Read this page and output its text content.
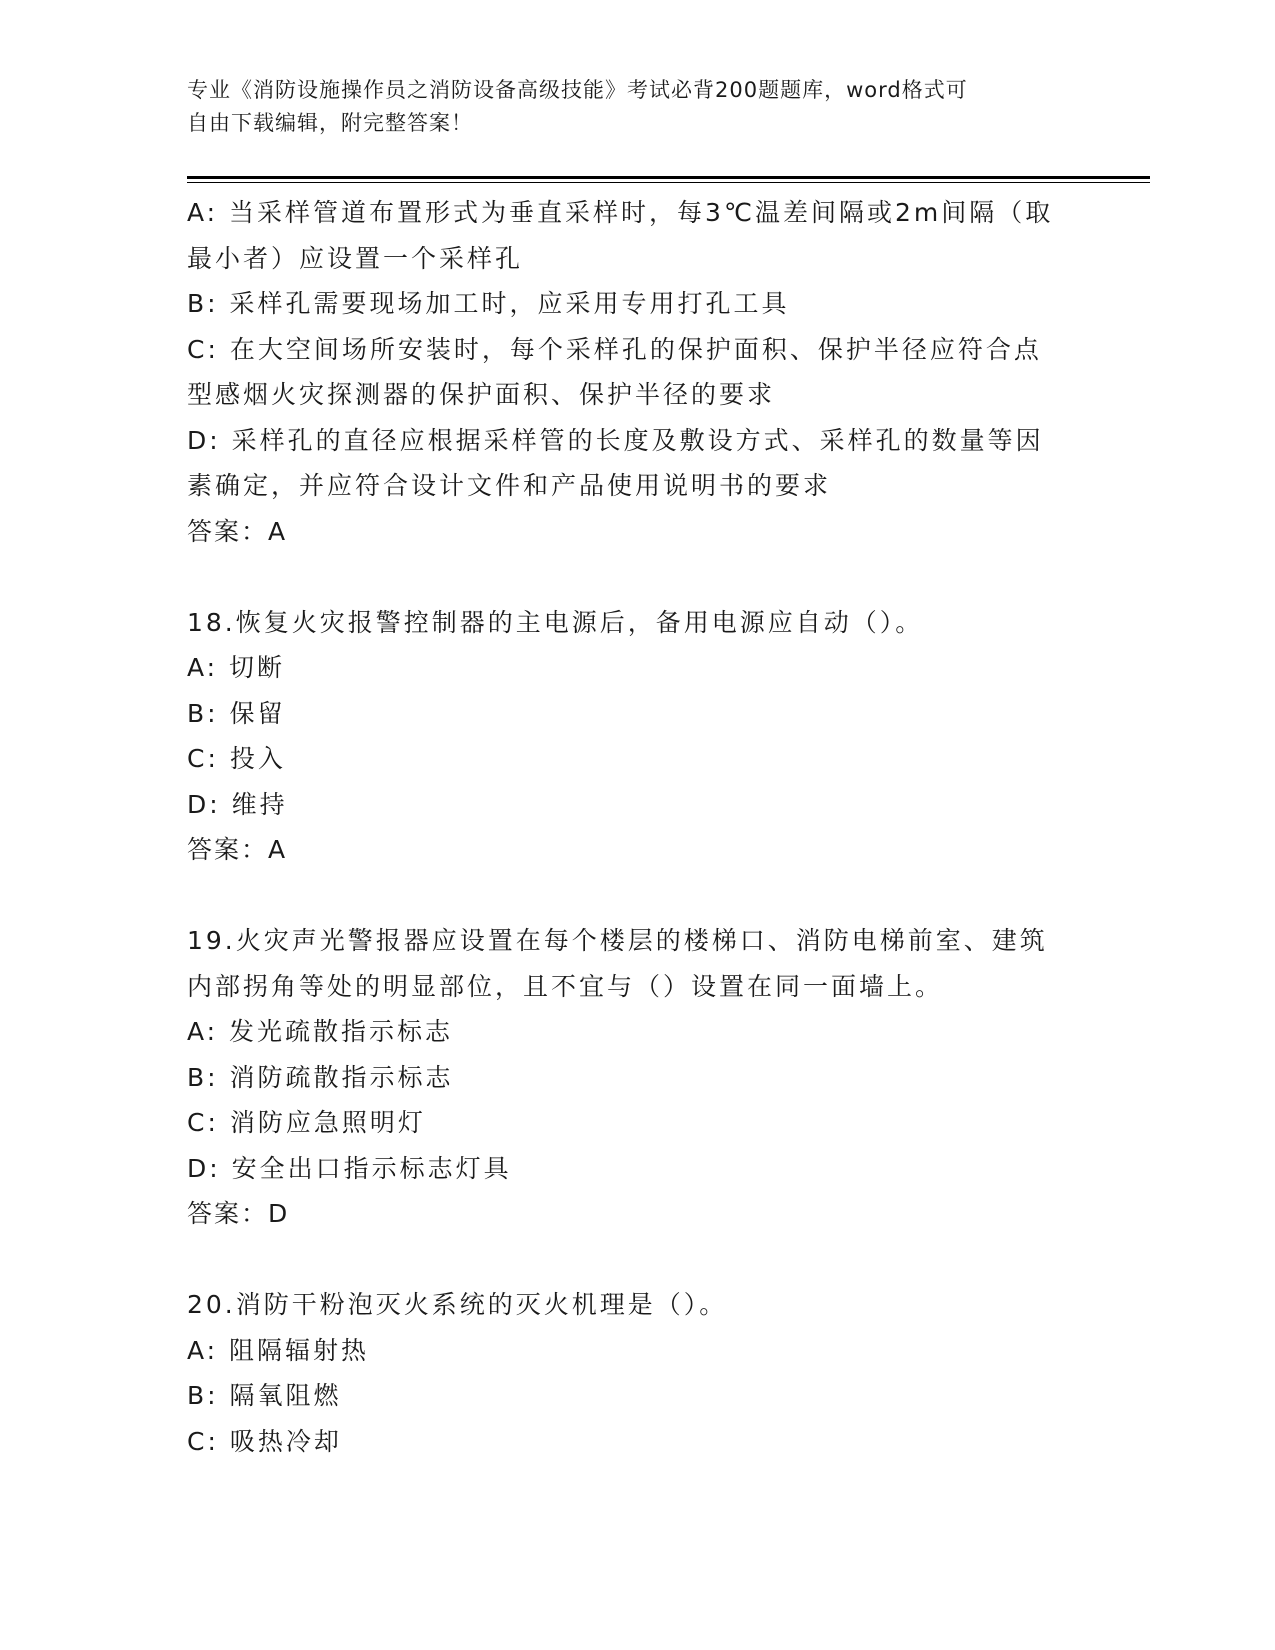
专业《消防设施操作员之消防设备高级技能》考试必背200题题库，word格式可
自由下载编辑，附完整答案！
A: 当采样管道布置形式为垂直采样时，每3℃温差间隔或2m间隔（取
最小者）应设置一个采样孔
B: 采样孔需要现场加工时，应采用专用打孔工具
C: 在大空间场所安装时，每个采样孔的保护面积、保护半径应符合点
型感烟火灾探测器的保护面积、保护半径的要求
D: 采样孔的直径应根据采样管的长度及敷设方式、采样孔的数量等因
素确定，并应符合设计文件和产品使用说明书的要求
答案：A
18.恢复火灾报警控制器的主电源后，备用电源应自动（）。
A: 切断
B: 保留
C: 投入
D: 维持
答案：A
19.火灾声光警报器应设置在每个楼层的楼梯口、消防电梯前室、建筑
内部拐角等处的明显部位，且不宜与（）设置在同一面墙上。
A: 发光疏散指示标志
B: 消防疏散指示标志
C: 消防应急照明灯
D: 安全出口指示标志灯具
答案：D
20.消防干粉泡灭火系统的灭火机理是（）。
A: 阻隔辐射热
B: 隔氧阻燃
C: 吸热冷却
